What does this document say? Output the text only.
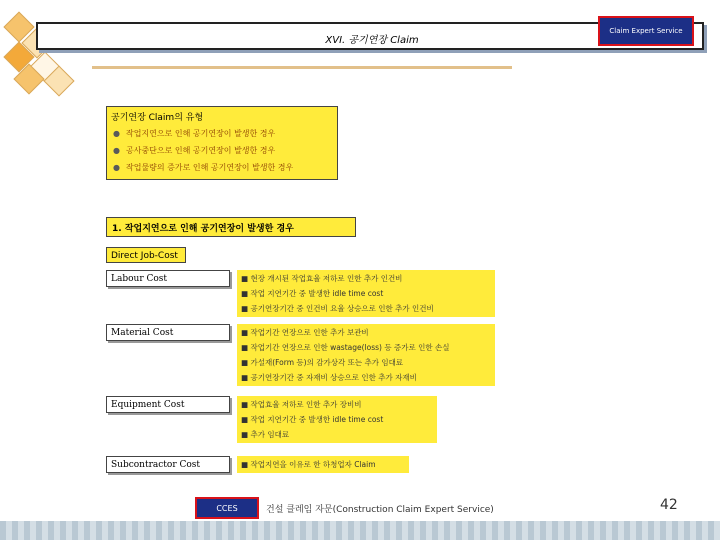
XVI. 공기연장 Claim
Claim Expert Service
공기연장 Claim의 유형
● 작업지연으로 인해 공기연장이 발생한 경우
● 공사중단으로 인해 공기연장이 발생한 경우
● 작업물량의 증가로 인해 공기연장이 발생한 경우
1. 작업지연으로 인해 공기연장이 발생한 경우
Direct Job-Cost
Labour Cost	■ 현장 개시된 작업효율 저하로 인한 추가 인건비
■ 작업 지연기간 중 발생한 idle time cost
■ 공기연장기간 중 인건비 요율 상승으로 인한 추가 인건비
Material Cost	■ 작업기간 연장으로 인한 추가 보관비
■ 작업기간 연장으로 인한 wastage(loss) 등 증가로 인한 손실
■ 가설재(Form 등)의 감가상각 또는 추가 임대료
■ 공기연장기간 중 자재비 상승으로 인한 추가 자재비
Equipment Cost	■ 작업효율 저하로 인한 추가 장비비
■ 작업 지연기간 중 발생한 idle time cost
■ 추가 임대료
Subcontractor Cost	■ 작업지연을 이유로 한 하청업자 Claim
CCES	건설 클레임 자문(Construction Claim Expert Service)	42
